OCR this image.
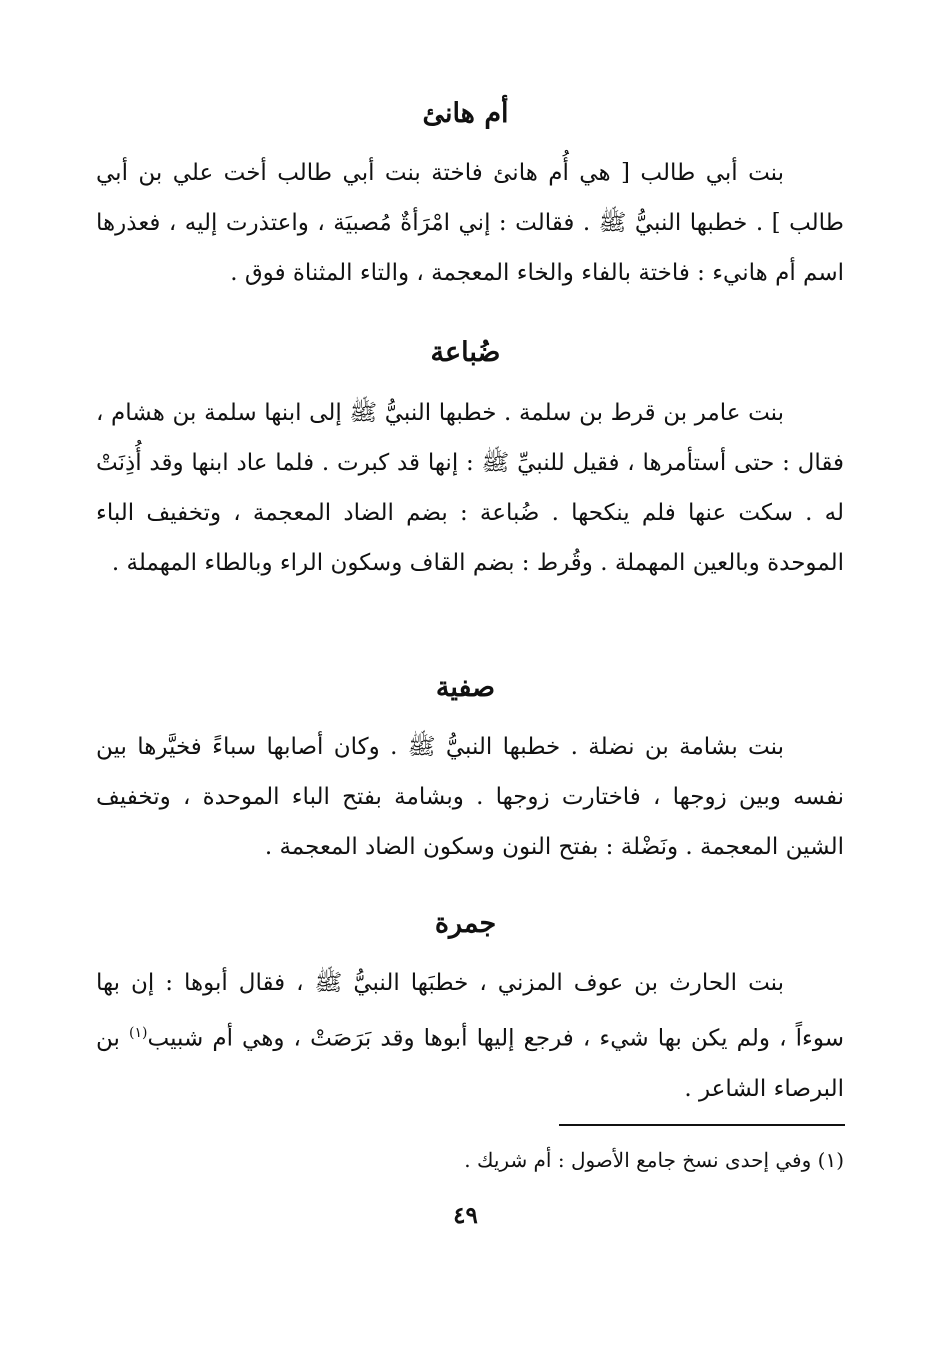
أم هانئ

بنت أبي طالب [ هي أُم هانئ فاختة بنت أبي طالب أخت علي بن أبي طالب ] . خطبها النبيُّ ﷺ . فقالت : إني امْرَأةٌ مُصبيَة ، واعتذرت إليه ، فعذرها اسم أم هانيء : فاختة بالفاء والخاء المعجمة ، والتاء المثناة فوق .

ضُباعة

بنت عامر بن قرط بن سلمة . خطبها النبيُّ ﷺ إلى ابنها سلمة بن هشام ، فقال : حتى أستأمرها ، فقيل للنبيِّ ﷺ : إنها قد كبرت . فلما عاد ابنها وقد أُذِنَتْ له . سكت عنها فلم ينكحها . ضُباعة : بضم الضاد المعجمة ، وتخفيف الباء الموحدة وبالعين المهملة . وقُرط : بضم القاف وسكون الراء وبالطاء المهملة .

صفية

بنت بشامة بن نضلة . خطبها النبيُّ ﷺ . وكان أصابها سباءً فخيَّرها بين نفسه وبين زوجها ، فاختارت زوجها . وبشامة بفتح الباء الموحدة ، وتخفيف الشين المعجمة . ونَضْلة : بفتح النون وسكون الضاد المعجمة .

جمرة

بنت الحارث بن عوف المزني ، خطبَها النبيُّ ﷺ ، فقال أبوها : إن بها سوءاً ، ولم يكن بها شيء ، فرجع إليها أبوها وقد بَرَصَتْ ، وهي أم شبيب$^{(١)}$ بن البرصاء الشاعر .

(١) وفي إحدى نسخ جامع الأصول : أم شريك .
٤٩
